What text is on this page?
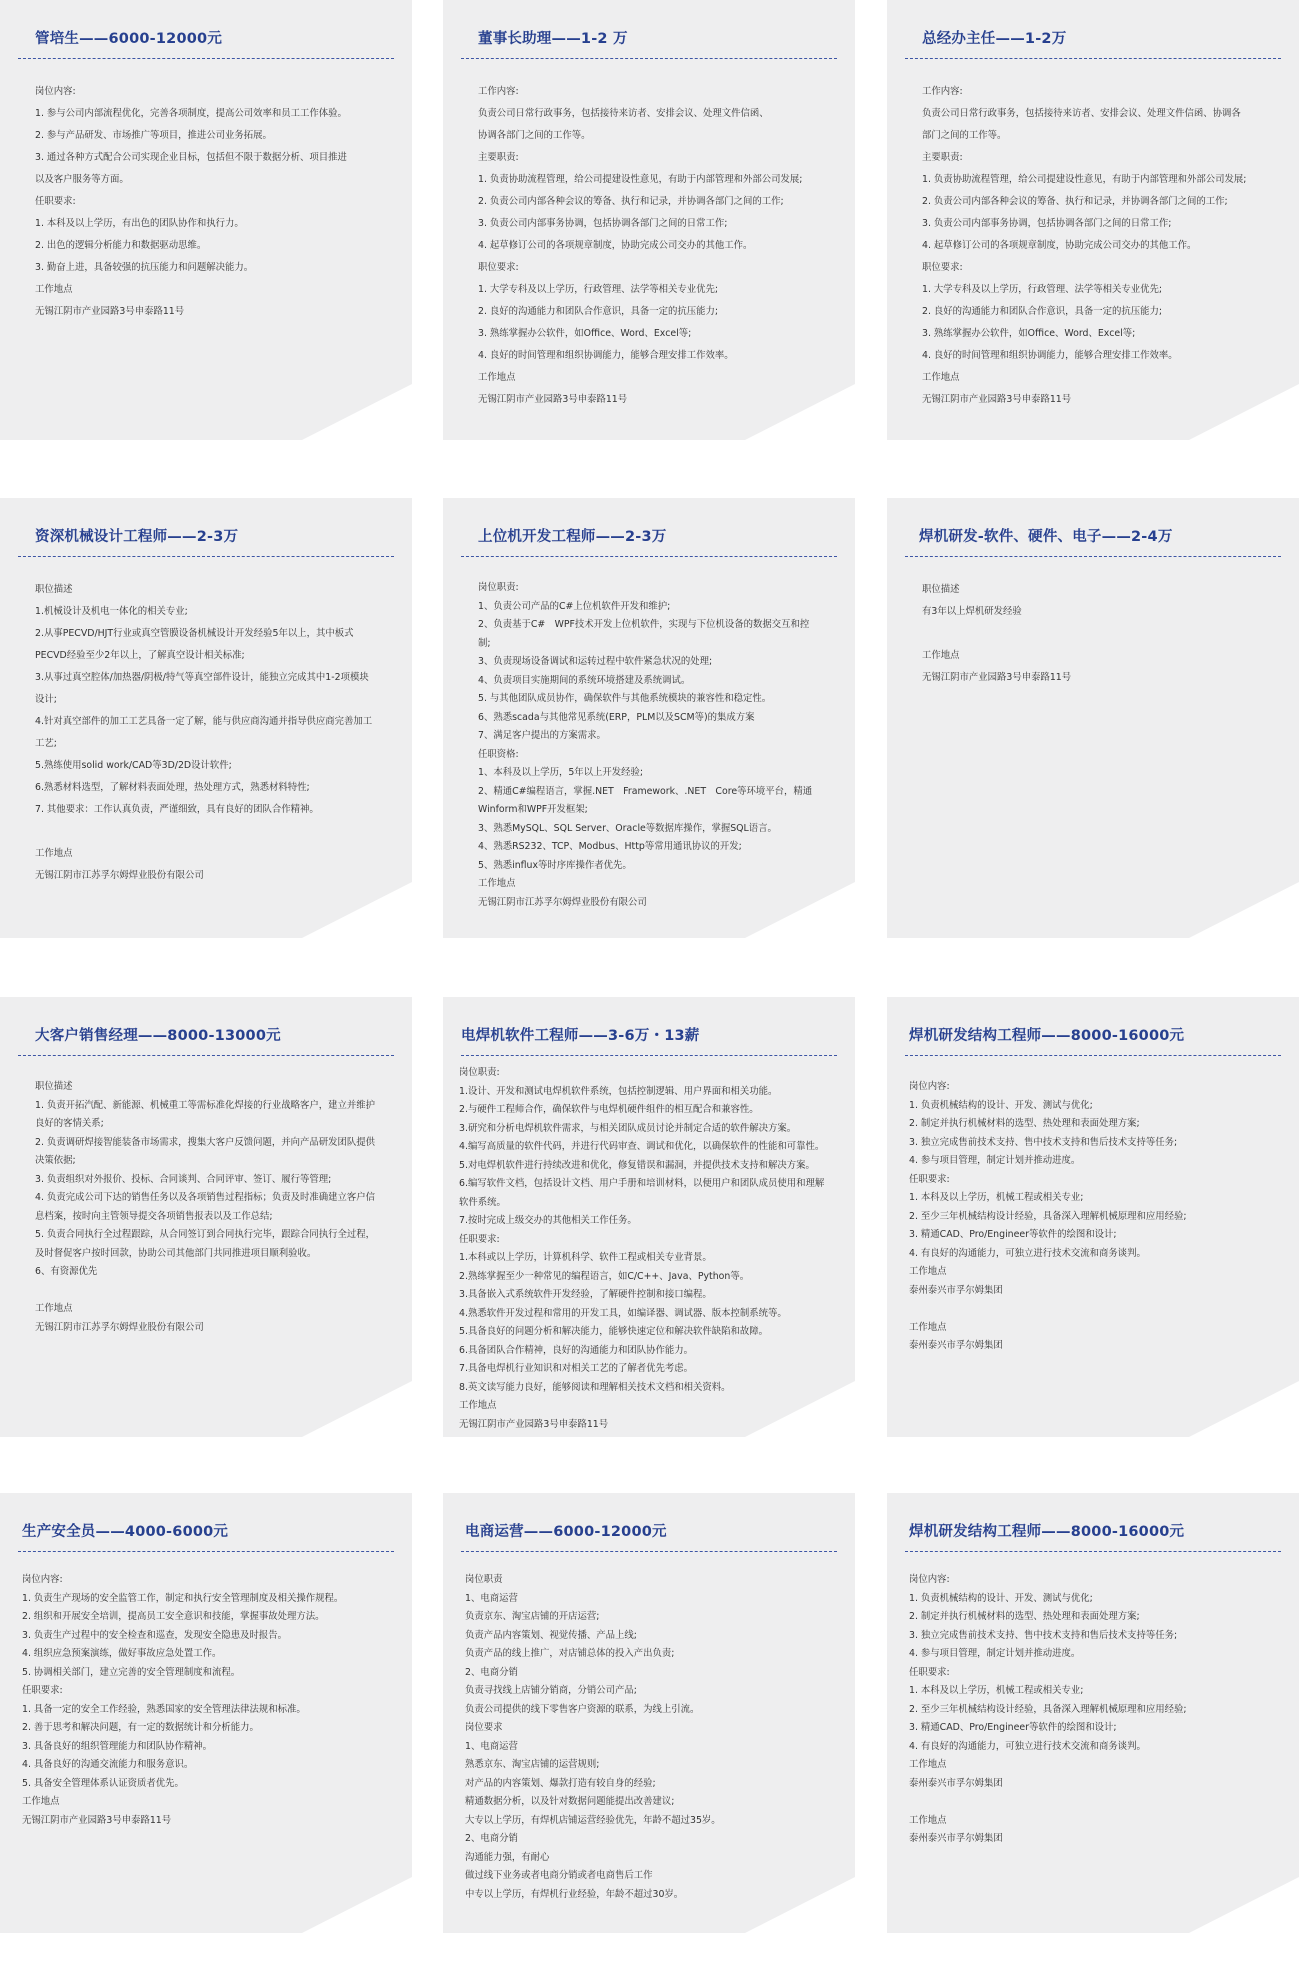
管培生——6000-12000元
岗位内容:
1. 参与公司内部流程优化，完善各项制度，提高公司效率和员工工作体验。
2. 参与产品研发、市场推广等项目，推进公司业务拓展。
3. 通过各种方式配合公司实现企业目标，包括但不限于数据分析、项目推进
以及客户服务等方面。
任职要求:
1. 本科及以上学历，有出色的团队协作和执行力。
2. 出色的逻辑分析能力和数据驱动思维。
3. 勤奋上进，具备较强的抗压能力和问题解决能力。
工作地点
无锡江阴市产业园路3号申泰路11号
董事长助理——1-2 万
工作内容:
负责公司日常行政事务，包括接待来访者、安排会议、处理文件信函、
协调各部门之间的工作等。
主要职责:
1. 负责协助流程管理，给公司提建设性意见，有助于内部管理和外部公司发展;
2. 负责公司内部各种会议的筹备、执行和记录，并协调各部门之间的工作;
3. 负责公司内部事务协调，包括协调各部门之间的日常工作;
4. 起草修订公司的各项规章制度，协助完成公司交办的其他工作。
职位要求:
1. 大学专科及以上学历，行政管理、法学等相关专业优先;
2. 良好的沟通能力和团队合作意识，具备一定的抗压能力;
3. 熟练掌握办公软件，如Office、Word、Excel等;
4. 良好的时间管理和组织协调能力，能够合理安排工作效率。
工作地点
无锡江阴市产业园路3号申泰路11号
总经办主任——1-2万
工作内容:
负责公司日常行政事务，包括接待来访者、安排会议、处理文件信函、协调各
部门之间的工作等。
主要职责:
1. 负责协助流程管理，给公司提建设性意见，有助于内部管理和外部公司发展;
2. 负责公司内部各种会议的筹备、执行和记录，并协调各部门之间的工作;
3. 负责公司内部事务协调，包括协调各部门之间的日常工作;
4. 起草修订公司的各项规章制度，协助完成公司交办的其他工作。
职位要求:
1. 大学专科及以上学历，行政管理、法学等相关专业优先;
2. 良好的沟通能力和团队合作意识，具备一定的抗压能力;
3. 熟练掌握办公软件，如Office、Word、Excel等;
4. 良好的时间管理和组织协调能力，能够合理安排工作效率。
工作地点
无锡江阴市产业园路3号申泰路11号
资深机械设计工程师——2-3万
职位描述
1.机械设计及机电一体化的相关专业;
2.从事PECVD/HJT行业或真空管膜设备机械设计开发经验5年以上，其中板式
PECVD经验至少2年以上，了解真空设计相关标准;
3.从事过真空腔体/加热器/阴极/特气等真空部件设计，能独立完成其中1-2项模块
设计;
4.针对真空部件的加工工艺具备一定了解，能与供应商沟通并指导供应商完善加工
工艺;
5.熟练使用solid work/CAD等3D/2D设计软件;
6.熟悉材料选型，了解材料表面处理，热处理方式，熟悉材料特性;
7. 其他要求：工作认真负责，严谨细致，具有良好的团队合作精神。
工作地点
无锡江阴市江苏孚尔姆焊业股份有限公司
上位机开发工程师——2-3万
岗位职责:
1、负责公司产品的C#上位机软件开发和维护;
2、负责基于C#　WPF技术开发上位机软件，实现与下位机设备的数据交互和控
制;
3、负责现场设备调试和运转过程中软件紧急状况的处理;
4、负责项目实施期间的系统环境搭建及系统调试。
5. 与其他团队成员协作，确保软件与其他系统模块的兼容性和稳定性。
6、熟悉scada与其他常见系统(ERP，PLM以及SCM等)的集成方案
7、满足客户提出的方案需求。
任职资格:
1、本科及以上学历，5年以上开发经验;
2、精通C#编程语言，掌握.NET　Framework、.NET　Core等环境平台，精通
Winform和WPF开发框架;
3、熟悉MySQL、SQL Server、Oracle等数据库操作，掌握SQL语言。
4、熟悉RS232、TCP、Modbus、Http等常用通讯协议的开发;
5、熟悉influx等时序库操作者优先。
工作地点
无锡江阴市江苏孚尔姆焊业股份有限公司
焊机研发-软件、硬件、电子——2-4万
职位描述
有3年以上焊机研发经验
工作地点
无锡江阴市产业园路3号申泰路11号
大客户销售经理——8000-13000元
职位描述
1. 负责开拓汽配、新能源、机械重工等需标准化焊接的行业战略客户，建立并维护
良好的客情关系;
2. 负责调研焊接智能装备市场需求，搜集大客户反馈问题，并向产品研发团队提供
决策依据;
3. 负责组织对外报价、投标、合同谈判、合同评审、签订、履行等管理;
4. 负责完成公司下达的销售任务以及各项销售过程指标；负责及时准确建立客户信
息档案，按时向主管领导提交各项销售报表以及工作总结;
5. 负责合同执行全过程跟踪，从合同签订到合同执行完毕，跟踪合同执行全过程，
及时督促客户按时回款，协助公司其他部门共同推进项目顺利验收。
6、有资源优先
工作地点
无锡江阴市江苏孚尔姆焊业股份有限公司
电焊机软件工程师——3-6万・13薪
岗位职责:
1.设计、开发和测试电焊机软件系统，包括控制逻辑、用户界面和相关功能。
2.与硬件工程师合作，确保软件与电焊机硬件组件的相互配合和兼容性。
3.研究和分析电焊机软件需求，与相关团队成员讨论并制定合适的软件解决方案。
4.编写高质量的软件代码，并进行代码审查、调试和优化，以确保软件的性能和可靠性。
5.对电焊机软件进行持续改进和优化，修复错误和漏洞，并提供技术支持和解决方案。
6.编写软件文档，包括设计文档、用户手册和培训材料，以便用户和团队成员使用和理解
软件系统。
7.按时完成上级交办的其他相关工作任务。
任职要求:
1.本科或以上学历，计算机科学、软件工程或相关专业背景。
2.熟练掌握至少一种常见的编程语言，如C/C++、Java、Python等。
3.具备嵌入式系统软件开发经验，了解硬件控制和接口编程。
4.熟悉软件开发过程和常用的开发工具，如编译器、调试器、版本控制系统等。
5.具备良好的问题分析和解决能力，能够快速定位和解决软件缺陷和故障。
6.具备团队合作精神，良好的沟通能力和团队协作能力。
7.具备电焊机行业知识和对相关工艺的了解者优先考虑。
8.英文读写能力良好，能够阅读和理解相关技术文档和相关资料。
工作地点
无锡江阴市产业园路3号申泰路11号
焊机研发结构工程师——8000-16000元
岗位内容:
1. 负责机械结构的设计、开发、测试与优化;
2. 制定并执行机械材料的选型、热处理和表面处理方案;
3. 独立完成售前技术支持、售中技术支持和售后技术支持等任务;
4. 参与项目管理，制定计划并推动进度。
任职要求:
1. 本科及以上学历，机械工程或相关专业;
2. 至少三年机械结构设计经验，具备深入理解机械原理和应用经验;
3. 精通CAD、Pro/Engineer等软件的绘图和设计;
4. 有良好的沟通能力，可独立进行技术交流和商务谈判。
工作地点
泰州泰兴市孚尔姆集团
工作地点
泰州泰兴市孚尔姆集团
生产安全员——4000-6000元
岗位内容:
1. 负责生产现场的安全监管工作，制定和执行安全管理制度及相关操作规程。
2. 组织和开展安全培训，提高员工安全意识和技能，掌握事故处理方法。
3. 负责生产过程中的安全检查和巡查，发现安全隐患及时报告。
4. 组织应急预案演练，做好事故应急处置工作。
5. 协调相关部门，建立完善的安全管理制度和流程。
任职要求:
1. 具备一定的安全工作经验，熟悉国家的安全管理法律法规和标准。
2. 善于思考和解决问题，有一定的数据统计和分析能力。
3. 具备良好的组织管理能力和团队协作精神。
4. 具备良好的沟通交流能力和服务意识。
5. 具备安全管理体系认证资质者优先。
工作地点
无锡江阴市产业园路3号申泰路11号
电商运营——6000-12000元
岗位职责
1、电商运营
负责京东、淘宝店铺的开店运营;
负责产品内容策划、视觉传播、产品上线;
负责产品的线上推广，对店铺总体的投入产出负责;
2、电商分销
负责寻找线上店铺分销商，分销公司产品;
负责公司提供的线下零售客户资源的联系，为线上引流。
岗位要求
1、电商运营
熟悉京东、淘宝店铺的运营规则;
对产品的内容策划、爆款打造有较自身的经验;
精通数据分析，以及针对数据问题能提出改善建议;
大专以上学历，有焊机店铺运营经验优先，年龄不超过35岁。
2、电商分销
沟通能力强，有耐心
做过线下业务或者电商分销或者电商售后工作
中专以上学历，有焊机行业经验，年龄不超过30岁。
焊机研发结构工程师——8000-16000元
岗位内容:
1. 负责机械结构的设计、开发、测试与优化;
2. 制定并执行机械材料的选型、热处理和表面处理方案;
3. 独立完成售前技术支持、售中技术支持和售后技术支持等任务;
4. 参与项目管理，制定计划并推动进度。
任职要求:
1. 本科及以上学历，机械工程或相关专业;
2. 至少三年机械结构设计经验，具备深入理解机械原理和应用经验;
3. 精通CAD、Pro/Engineer等软件的绘图和设计;
4. 有良好的沟通能力，可独立进行技术交流和商务谈判。
工作地点
泰州泰兴市孚尔姆集团
工作地点
泰州泰兴市孚尔姆集团
